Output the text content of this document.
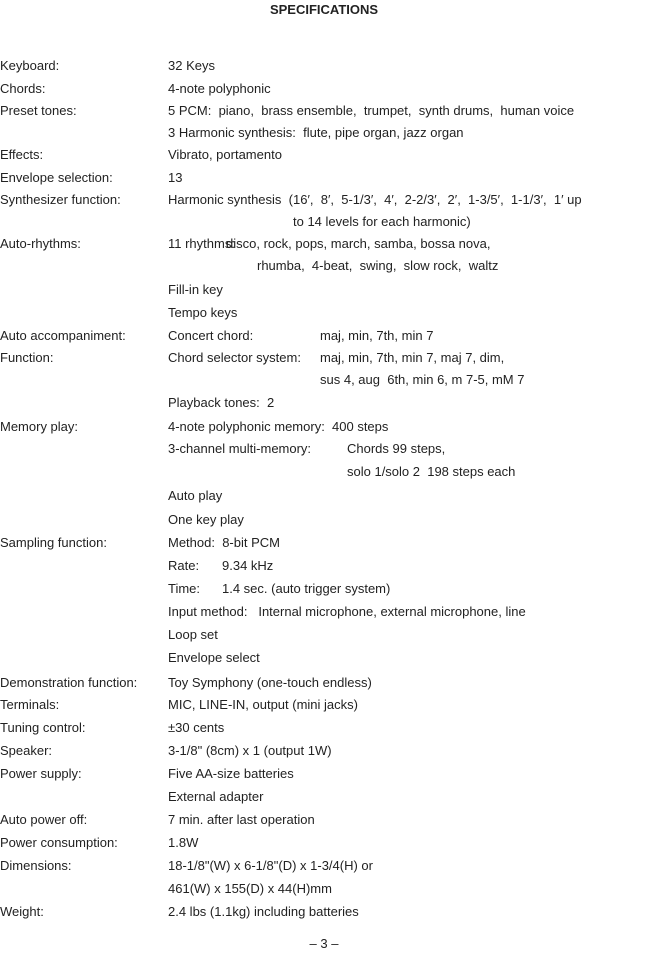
SPECIFICATIONS
Keyboard:	32 Keys
Chords:	4-note polyphonic
Preset tones:	5 PCM:  piano,  brass ensemble,  trumpet,  synth drums,  human voice
3 Harmonic synthesis:  flute, pipe organ, jazz organ
Effects:	Vibrato, portamento
Envelope selection:	13
Synthesizer function:	Harmonic synthesis  (16′,  8′,  5-1/3′,  4′,  2-2/3′,  2′,  1-3/5′,  1-1/3′,  1′ up
to 14 levels for each harmonic)
Auto-rhythms:	11 rhythms:
disco, rock, pops, march, samba, bossa nova,
rhumba,  4-beat,  swing,  slow rock,  waltz
Fill-in key
Tempo keys
Auto accompaniment:	Concert chord:	maj, min, 7th, min 7
Function:	Chord selector system: maj, min, 7th, min 7, maj 7, dim,
sus 4, aug  6th, min 6, m 7-5, mM 7
Playback tones:  2
Memory play:	4-note polyphonic memory:  400 steps
3-channel multi-memory:	Chords 99 steps,
solo 1/solo 2  198 steps each
Auto play
One key play
Sampling function:	Method:  8-bit PCM
Rate: 9.34 kHz
Time: 1.4 sec. (auto trigger system)
Input method:   Internal microphone, external microphone, line
Loop set
Envelope select
Demonstration function: Toy Symphony (one-touch endless)
Terminals:	MIC, LINE-IN, output (mini jacks)
Tuning control:	±30 cents
Speaker:	3-1/8" (8cm) x 1 (output 1W)
Power supply:	Five AA-size batteries
External adapter
Auto power off:	7 min. after last operation
Power consumption:	1.8W
Dimensions:	18-1/8"(W) x 6-1/8"(D) x 1-3/4(H) or
461(W) x 155(D) x 44(H)mm
Weight:	2.4 lbs (1.1kg) including batteries
– 3 –
